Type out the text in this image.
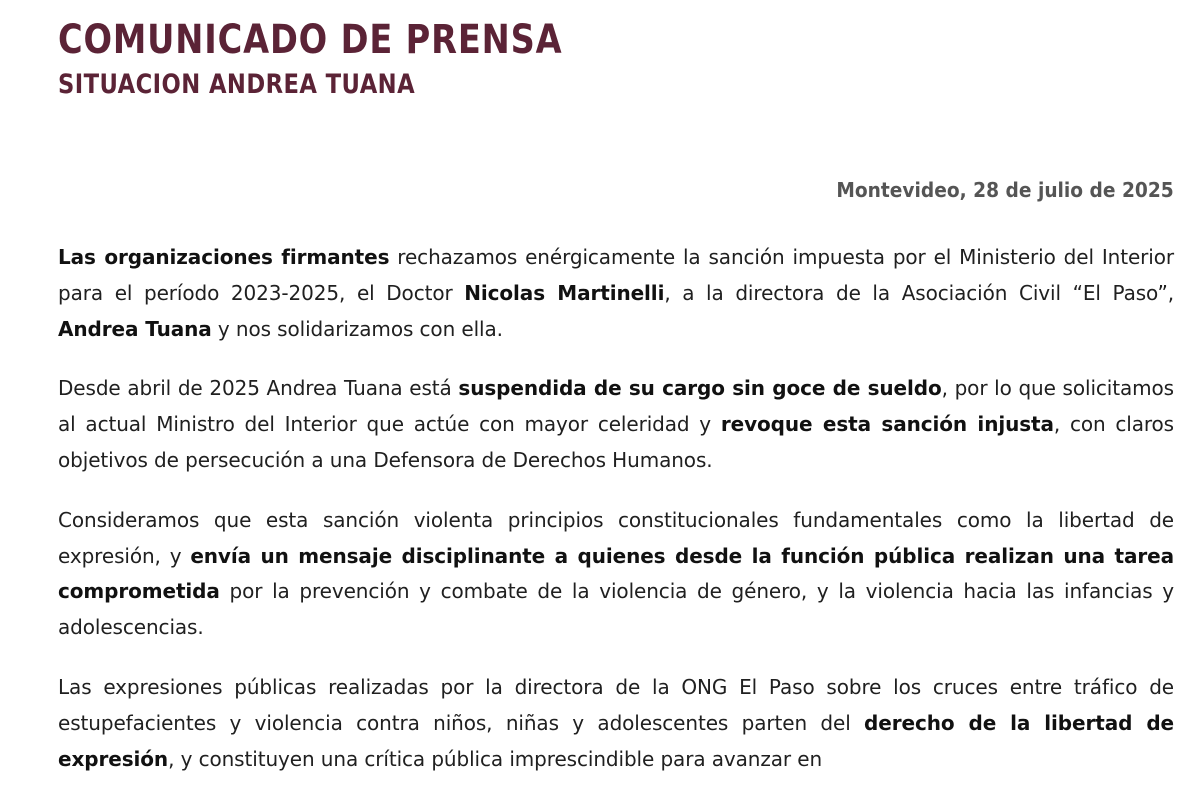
COMUNICADO DE PRENSA
SITUACION ANDREA TUANA
Montevideo, 28 de julio de 2025

Las organizaciones firmantes rechazamos enérgicamente la sanción impuesta por el Ministerio del Interior para el período 2023-2025, el Doctor Nicolas Martinelli, a la directora de la Asociación Civil “El Paso”, Andrea Tuana y nos solidarizamos con ella.

Desde abril de 2025 Andrea Tuana está suspendida de su cargo sin goce de sueldo, por lo que solicitamos al actual Ministro del Interior que actúe con mayor celeridad y revoque esta sanción injusta, con claros objetivos de persecución a una Defensora de Derechos Humanos.

Consideramos que esta sanción violenta principios constitucionales fundamentales como la libertad de expresión, y envía un mensaje disciplinante a quienes desde la función pública realizan una tarea comprometida por la prevención y combate de la violencia de género, y la violencia hacia las infancias y adolescencias.

Las expresiones públicas realizadas por la directora de la ONG El Paso sobre los cruces entre tráfico de estupefacientes y violencia contra niños, niñas y adolescentes parten del derecho de la libertad de expresión, y constituyen una crítica pública imprescindible para avanzar en
